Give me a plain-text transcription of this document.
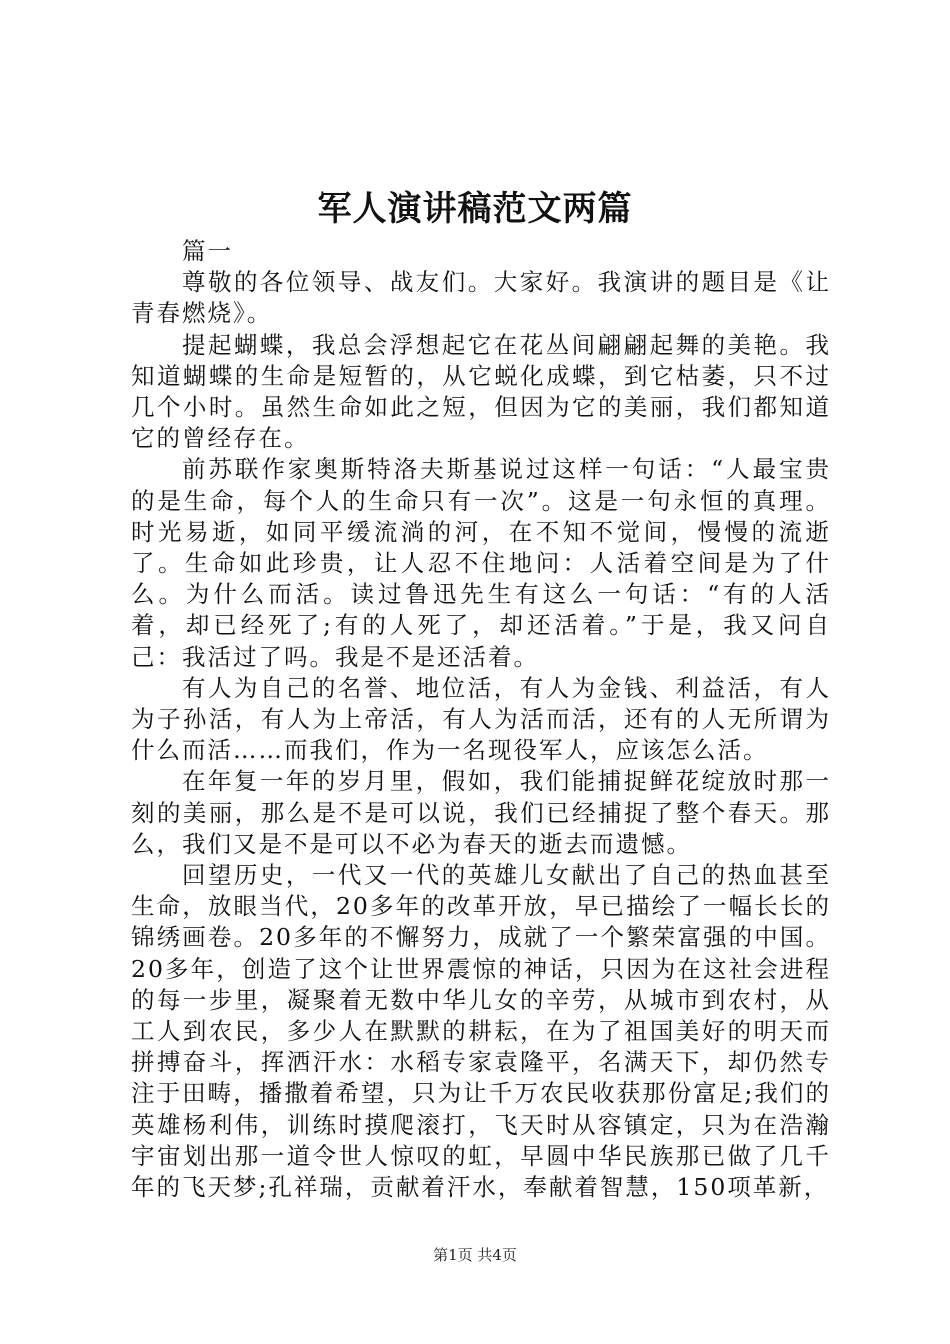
军人演讲稿范文两篇

篇一

尊敬的各位领导、战友们。大家好。我演讲的题目是《让青春燃烧》。

提起蝴蝶，我总会浮想起它在花丛间翩翩起舞的美艳。我知道蝴蝶的生命是短暂的，从它蜕化成蝶，到它枯萎，只不过几个小时。虽然生命如此之短，但因为它的美丽，我们都知道它的曾经存在。

前苏联作家奥斯特洛夫斯基说过这样一句话：“人最宝贵的是生命，每个人的生命只有一次”。这是一句永恒的真理。时光易逝，如同平缓流淌的河，在不知不觉间，慢慢的流逝了。生命如此珍贵，让人忍不住地问：人活着空间是为了什么。为什么而活。读过鲁迅先生有这么一句话：“有的人活着，却已经死了;有的人死了，却还活着。”于是，我又问自己：我活过了吗。我是不是还活着。

有人为自己的名誉、地位活，有人为金钱、利益活，有人为子孙活，有人为上帝活，有人为活而活，还有的人无所谓为什么而活……而我们，作为一名现役军人，应该怎么活。

在年复一年的岁月里，假如，我们能捕捉鲜花绽放时那一刻的美丽，那么是不是可以说，我们已经捕捉了整个春天。那么，我们又是不是可以不必为春天的逝去而遗憾。

回望历史，一代又一代的英雄儿女献出了自己的热血甚至生命，放眼当代，20多年的改革开放，早已描绘了一幅长长的锦绣画卷。20多年的不懈努力，成就了一个繁荣富强的中国。20多年，创造了这个让世界震惊的神话，只因为在这社会进程的每一步里，凝聚着无数中华儿女的辛劳，从城市到农村，从工人到农民，多少人在默默的耕耘，在为了祖国美好的明天而拼搏奋斗，挥洒汗水：水稻专家袁隆平，名满天下，却仍然专注于田畴，播撒着希望，只为让千万农民收获那份富足;我们的英雄杨利伟，训练时摸爬滚打，飞天时从容镇定，只为在浩瀚宇宙划出那一道令世人惊叹的虹，早圆中华民族那已做了几千年的飞天梦;孔祥瑞，贡献着汗水，奉献着智慧，150项革新，

第1页 共4页
